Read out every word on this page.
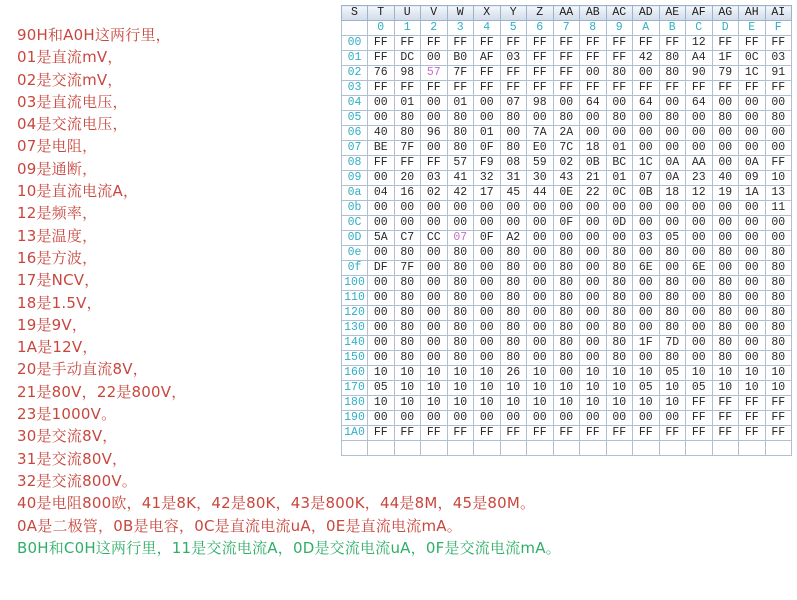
90H和A0H这两行里，
01是直流mV，
02是交流mV，
03是直流电压，
04是交流电压，
07是电阻，
09是通断，
10是直流电流A，
12是频率，
13是温度，
16是方波，
17是NCV，
18是1.5V，
19是9V，
1A是12V，
20是手动直流8V，
21是80V，22是800V，
23是1000V。
30是交流8V，
31是交流80V，
32是交流800V。
40是电阻800欧，41是8K，42是80K，43是800K，44是8M，45是80M。
0A是二极管，0B是电容，0C是直流电流uA，0E是直流电流mA。
B0H和C0H这两行里，11是交流电流A，0D是交流电流uA，0F是交流电流mA。
S	T	U	V	W	X	Y	Z	AA	AB	AC	AD	AE	AF	AG	AH	AI
	0	1	2	3	4	5	6	7	8	9	A	B	C	D	E	F
00	FF	FF	FF	FF	FF	FF	FF	FF	FF	FF	FF	FF	12	FF	FF	FF
01	FF	DC	00	B0	AF	03	FF	FF	FF	FF	42	80	A4	1F	0C	03
02	76	98	57	7F	FF	FF	FF	FF	00	80	00	80	90	79	1C	91
03	FF	FF	FF	FF	FF	FF	FF	FF	FF	FF	FF	FF	FF	FF	FF	FF
04	00	01	00	01	00	07	98	00	64	00	64	00	64	00	00	00
05	00	80	00	80	00	80	00	80	00	80	00	80	00	80	00	80
06	40	80	96	80	01	00	7A	2A	00	00	00	00	00	00	00	00
07	BE	7F	00	80	0F	80	E0	7C	18	01	00	00	00	00	00	00
08	FF	FF	FF	57	F9	08	59	02	0B	BC	1C	0A	AA	00	0A	FF
09	00	20	03	41	32	31	30	43	21	01	07	0A	23	40	09	10
0a	04	16	02	42	17	45	44	0E	22	0C	0B	18	12	19	1A	13
0b	00	00	00	00	00	00	00	00	00	00	00	00	00	00	00	11
0C	00	00	00	00	00	00	00	0F	00	0D	00	00	00	00	00	00
0D	5A	C7	CC	07	0F	A2	00	00	00	00	03	05	00	00	00	00
0e	00	80	00	80	00	80	00	80	00	80	00	80	00	80	00	80
0f	DF	7F	00	80	00	80	00	80	00	80	6E	00	6E	00	00	80
100	00	80	00	80	00	80	00	80	00	80	00	80	00	80	00	80
110	00	80	00	80	00	80	00	80	00	80	00	80	00	80	00	80
120	00	80	00	80	00	80	00	80	00	80	00	80	00	80	00	80
130	00	80	00	80	00	80	00	80	00	80	00	80	00	80	00	80
140	00	80	00	80	00	80	00	80	00	80	1F	7D	00	80	00	80
150	00	80	00	80	00	80	00	80	00	80	00	80	00	80	00	80
160	10	10	10	10	10	26	10	00	10	10	10	05	10	10	10	10
170	05	10	10	10	10	10	10	10	10	10	05	10	05	10	10	10
180	10	10	10	10	10	10	10	10	10	10	10	10	FF	FF	FF	FF
190	00	00	00	00	00	00	00	00	00	00	00	00	FF	FF	FF	FF
1A0	FF	FF	FF	FF	FF	FF	FF	FF	FF	FF	FF	FF	FF	FF	FF	FF
